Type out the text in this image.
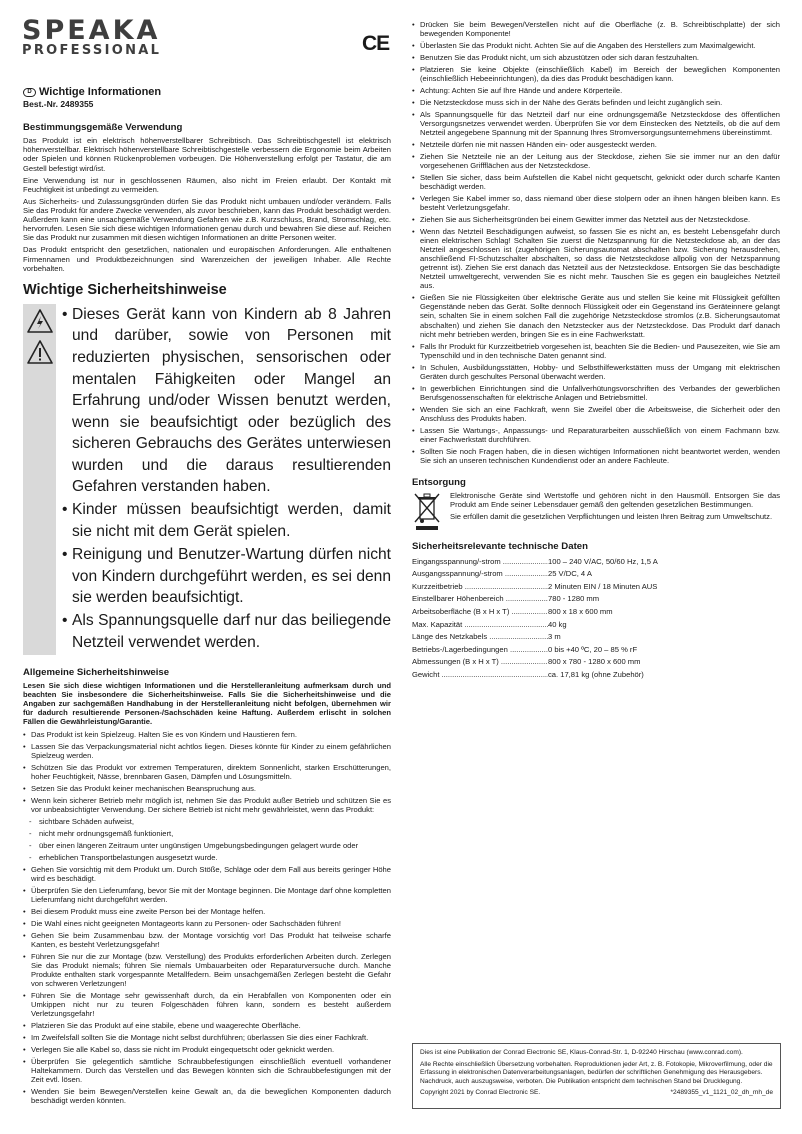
SPEAKA
PROFESSIONAL	CE
D Wichtige Informationen
Best.-Nr. 2489355
Bestimmungsgemäße Verwendung

Das Produkt ist ein elektrisch höhenverstellbarer Schreibtisch. Das Schreibtischgestell ist elektrisch höhenverstellbar. Elektrisch höhenverstellbare Schreibtischgestelle verbessern die Ergonomie beim Arbeiten oder Spielen und können Rückenproblemen vorbeugen. Die Höhenverstellung erfolgt per Tastatur, die am Gestell befestigt wird/ist.

Eine Verwendung ist nur in geschlossenen Räumen, also nicht im Freien erlaubt. Der Kontakt mit Feuchtigkeit ist unbedingt zu vermeiden.

Aus Sicherheits- und Zulassungsgründen dürfen Sie das Produkt nicht umbauen und/oder verändern. Falls Sie das Produkt für andere Zwecke verwenden, als zuvor beschrieben, kann das Produkt beschädigt werden. Außerdem kann eine unsachgemäße Verwendung Gefahren wie z.B. Kurzschluss, Brand, Stromschlag, etc. hervorrufen. Lesen Sie sich diese wichtigen Informationen genau durch und bewahren Sie diese auf. Reichen Sie das Produkt nur zusammen mit diesen wichtigen Informationen an dritte Personen weiter.

Das Produkt entspricht den gesetzlichen, nationalen und europäischen Anforderungen. Alle enthaltenen Firmennamen und Produktbezeichnungen sind Warenzeichen der jeweiligen Inhaber. Alle Rechte vorbehalten.

Wichtige Sicherheitshinweise
• Dieses Gerät kann von Kindern ab 8 Jahren und darüber, sowie von Personen mit reduzierten physischen, sensorischen oder mentalen Fähigkeiten oder Mangel an Erfahrung und/oder Wissen benutzt werden, wenn sie beaufsichtigt oder bezüglich des sicheren Gebrauchs des Gerätes unterwiesen wurden und die daraus resultierenden Gefahren verstanden haben.
• Kinder müssen beaufsichtigt werden, damit sie nicht mit dem Gerät spielen.
• Reinigung und Benutzer-Wartung dürfen nicht von Kindern durchgeführt werden, es sei denn sie werden beaufsichtigt.
• Als Spannungsquelle darf nur das beiliegende Netzteil verwendet werden.
Allgemeine Sicherheitshinweise

Lesen Sie sich diese wichtigen Informationen und die Herstelleranleitung aufmerksam durch und beachten Sie insbesondere die Sicherheitshinweise. Falls Sie die Sicherheitshinweise und die Angaben zur sachgemäßen Handhabung in der Herstelleranleitung nicht befolgen, übernehmen wir für dadurch resultierende Personen-/Sachschäden keine Haftung. Außerdem erlischt in solchen Fällen die Gewährleistung/Garantie.

• Das Produkt ist kein Spielzeug. Halten Sie es von Kindern und Haustieren fern.
• Lassen Sie das Verpackungsmaterial nicht achtlos liegen. Dieses könnte für Kinder zu einem gefährlichen Spielzeug werden.
• Schützen Sie das Produkt vor extremen Temperaturen, direktem Sonnenlicht, starken Erschütterungen, hoher Feuchtigkeit, Nässe, brennbaren Gasen, Dämpfen und Lösungsmitteln.
• Setzen Sie das Produkt keiner mechanischen Beanspruchung aus.
• Wenn kein sicherer Betrieb mehr möglich ist, nehmen Sie das Produkt außer Betrieb und schützen Sie es vor unbeabsichtigter Verwendung. Der sichere Betrieb ist nicht mehr gewährleistet, wenn das Produkt:
- sichtbare Schäden aufweist,
- nicht mehr ordnungsgemäß funktioniert,
- über einen längeren Zeitraum unter ungünstigen Umgebungsbedingungen gelagert wurde oder
- erheblichen Transportbelastungen ausgesetzt wurde.
• Gehen Sie vorsichtig mit dem Produkt um. Durch Stöße, Schläge oder dem Fall aus bereits geringer Höhe wird es beschädigt.
• Überprüfen Sie den Lieferumfang, bevor Sie mit der Montage beginnen. Die Montage darf ohne kompletten Lieferumfang nicht durchgeführt werden.
• Bei diesem Produkt muss eine zweite Person bei der Montage helfen.
• Die Wahl eines nicht geeigneten Montageorts kann zu Personen- oder Sachschäden führen!
• Gehen Sie beim Zusammenbau bzw. der Montage vorsichtig vor! Das Produkt hat teilweise scharfe Kanten, es besteht Verletzungsgefahr!
• Führen Sie nur die zur Montage (bzw. Verstellung) des Produkts erforderlichen Arbeiten durch. Zerlegen Sie das Produkt niemals; führen Sie niemals Umbauarbeiten oder Reparaturversuche durch. Manche Produkte enthalten stark vorgespannte Metallfedern. Beim unsachgemäßen Zerlegen besteht die Gefahr von schweren Verletzungen!
• Führen Sie die Montage sehr gewissenhaft durch, da ein Herabfallen von Komponenten oder ein Umkippen nicht nur zu teuren Folgeschäden führen kann, sondern es besteht außerdem Verletzungsgefahr!
• Platzieren Sie das Produkt auf eine stabile, ebene und waagerechte Oberfläche.
• Im Zweifelsfall sollten Sie die Montage nicht selbst durchführen; überlassen Sie dies einer Fachkraft.
• Verlegen Sie alle Kabel so, dass sie nicht im Produkt eingequetscht oder geknickt werden.
• Überprüfen Sie gelegentlich sämtliche Schraubbefestigungen einschließlich eventuell vorhandener Haltekammern. Durch das Verstellen und das Bewegen könnten sich die Schraubbefestigungen mit der Zeit evtl. lösen.
• Wenden Sie beim Bewegen/Verstellen keine Gewalt an, da die beweglichen Komponenten dadurch beschädigt werden könnten.
• Drücken Sie beim Bewegen/Verstellen nicht auf die Oberfläche (z. B. Schreibtischplatte) der sich bewegenden Komponente!
• Überlasten Sie das Produkt nicht. Achten Sie auf die Angaben des Herstellers zum Maximalgewicht.
• Benutzen Sie das Produkt nicht, um sich abzustützen oder sich daran festzuhalten.
• Platzieren Sie keine Objekte (einschließlich Kabel) im Bereich der beweglichen Komponenten (einschließlich Hebeeinrichtungen), da dies das Produkt beschädigen kann.
• Achtung: Achten Sie auf Ihre Hände und andere Körperteile.
• Die Netzsteckdose muss sich in der Nähe des Geräts befinden und leicht zugänglich sein.
• Als Spannungsquelle für das Netzteil darf nur eine ordnungsgemäße Netzsteckdose des öffentlichen Versorgungsnetzes verwendet werden. Überprüfen Sie vor dem Einstecken des Netzteils, ob die auf dem Netzteil angegebene Spannung mit der Spannung Ihres Stromversorgungsunternehmens übereinstimmt.
• Netzteile dürfen nie mit nassen Händen ein- oder ausgesteckt werden.
• Ziehen Sie Netzteile nie an der Leitung aus der Steckdose, ziehen Sie sie immer nur an den dafür vorgesehenen Griffflächen aus der Netzsteckdose.
• Stellen Sie sicher, dass beim Aufstellen die Kabel nicht gequetscht, geknickt oder durch scharfe Kanten beschädigt werden.
• Verlegen Sie Kabel immer so, dass niemand über diese stolpern oder an ihnen hängen bleiben kann. Es besteht Verletzungsgefahr.
• Ziehen Sie aus Sicherheitsgründen bei einem Gewitter immer das Netzteil aus der Netzsteckdose.
• Wenn das Netzteil Beschädigungen aufweist, so fassen Sie es nicht an, es besteht Lebensgefahr durch einen elektrischen Schlag! Schalten Sie zuerst die Netzspannung für die Netzsteckdose ab, an der das Netzteil angeschlossen ist (zugehörigen Sicherungsautomat abschalten bzw. Sicherung herausdrehen, anschließend FI-Schutzschalter abschalten, so dass die Netzsteckdose allpolig von der Netzspannung getrennt ist). Ziehen Sie erst danach das Netzteil aus der Netzsteckdose. Entsorgen Sie das beschädigte Netzteil umweltgerecht, verwenden Sie es nicht mehr. Tauschen Sie es gegen ein baugleiches Netzteil aus.
• Gießen Sie nie Flüssigkeiten über elektrische Geräte aus und stellen Sie keine mit Flüssigkeit gefüllten Gegenstände neben das Gerät. Sollte dennoch Flüssigkeit oder ein Gegenstand ins Geräteinnere gelangt sein, schalten Sie in einem solchen Fall die zugehörige Netzsteckdose stromlos (z.B. Sicherungsautomat abschalten) und ziehen Sie danach den Netzstecker aus der Netzsteckdose. Das Produkt darf danach nicht mehr betrieben werden, bringen Sie es in eine Fachwerkstatt.
• Falls Ihr Produkt für Kurzzeitbetrieb vorgesehen ist, beachten Sie die Bedien- und Pausezeiten, wie Sie am Typenschild und in den technische Daten genannt sind.
• In Schulen, Ausbildungsstätten, Hobby- und Selbsthilfewerkstätten muss der Umgang mit elektrischen Geräten durch geschultes Personal überwacht werden.
• In gewerblichen Einrichtungen sind die Unfallverhütungsvorschriften des Verbandes der gewerblichen Berufsgenossenschaften für elektrische Anlagen und Betriebsmittel.
• Wenden Sie sich an eine Fachkraft, wenn Sie Zweifel über die Arbeitsweise, die Sicherheit oder den Anschluss des Produkts haben.
• Lassen Sie Wartungs-, Anpassungs- und Reparaturarbeiten ausschließlich von einem Fachmann bzw. einer Fachwerkstatt durchführen.
• Sollten Sie noch Fragen haben, die in diesen wichtigen Informationen nicht beantwortet werden, wenden Sie sich an unseren technischen Kundendienst oder an andere Fachleute.
Entsorgung

Elektronische Geräte sind Wertstoffe und gehören nicht in den Hausmüll. Entsorgen Sie das Produkt am Ende seiner Lebensdauer gemäß den geltenden gesetzlichen Bestimmungen.

Sie erfüllen damit die gesetzlichen Verpflichtungen und leisten Ihren Beitrag zum Umweltschutz.

Sicherheitsrelevante technische Daten
Eingangsspannung/-strom .....	100 – 240 V/AC, 50/60 Hz, 1,5 A
Ausgangsspannung/-strom .....	25 V/DC, 4 A
Kurzzeitbetrieb .....	2 Minuten EIN / 18 Minuten AUS
Einstellbarer Höhenbereich .....	780 - 1280 mm
Arbeitsoberfläche (B x H x T) .....	800 x 18 x 600 mm
Max. Kapazität .....	40 kg
Länge des Netzkabels .....	3 m
Betriebs-/Lagerbedingungen .....	0 bis +40 ºC, 20 – 85 % rF
Abmessungen (B x H x T) .....	800 x 780 - 1280 x 600 mm
Gewicht .....	ca. 17,81 kg (ohne Zubehör)

Dies ist eine Publikation der Conrad Electronic SE, Klaus-Conrad-Str. 1, D-92240 Hirschau (www.conrad.com).

Alle Rechte einschließlich Übersetzung vorbehalten. Reproduktionen jeder Art, z. B. Fotokopie, Mikroverfilmung, oder die Erfassung in elektronischen Datenverarbeitungsanlagen, bedürfen der schriftlichen Genehmigung des Herausgebers. Nachdruck, auch auszugsweise, verboten. Die Publikation entspricht dem technischen Stand bei Drucklegung.

Copyright 2021 by Conrad Electronic SE.	*2489355_v1_1121_02_dh_mh_de
